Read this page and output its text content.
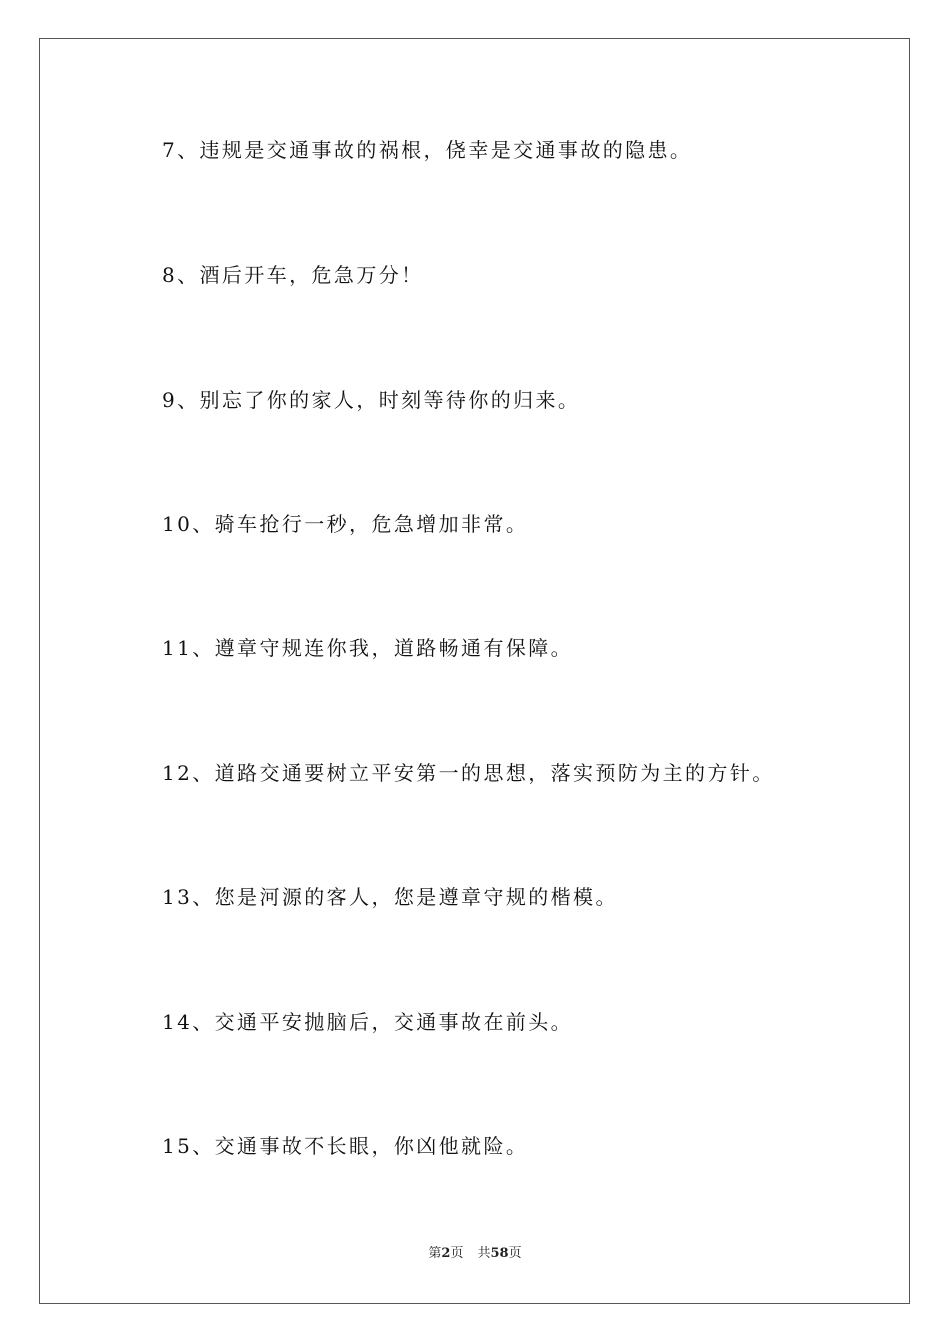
7、违规是交通事故的祸根，侥幸是交通事故的隐患。
8、酒后开车，危急万分！
9、别忘了你的家人，时刻等待你的归来。
10、骑车抢行一秒，危急增加非常。
11、遵章守规连你我，道路畅通有保障。
12、道路交通要树立平安第一的思想，落实预防为主的方针。
13、您是河源的客人，您是遵章守规的楷模。
14、交通平安抛脑后，交通事故在前头。
15、交通事故不长眼，你凶他就险。
第2页 共58页
